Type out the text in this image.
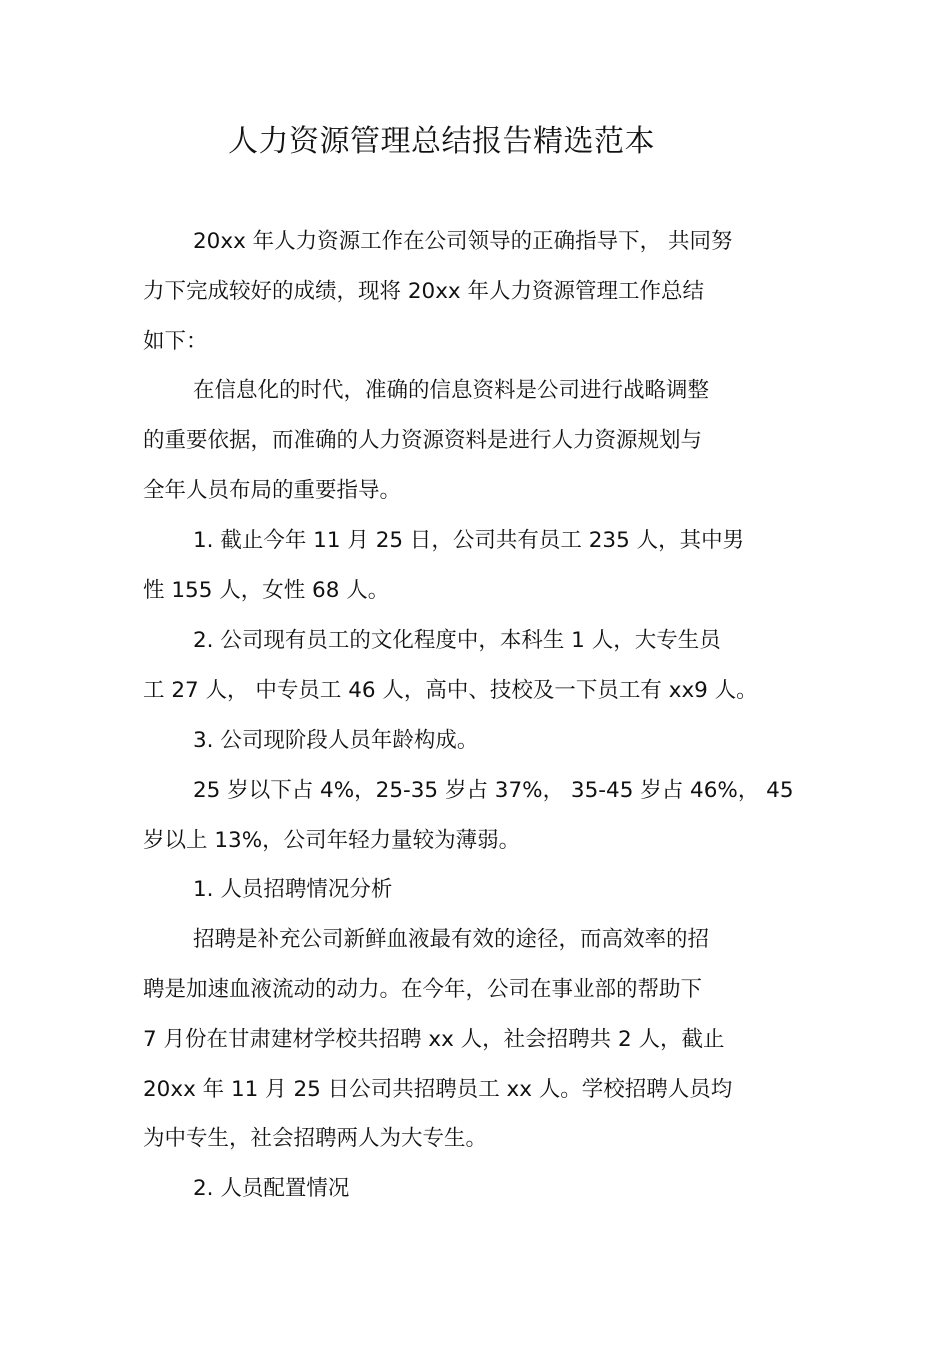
人力资源管理总结报告精选范本
20xx 年人力资源工作在公司领导的正确指导下， 共同努
力下完成较好的成绩，现将 20xx 年人力资源管理工作总结
如下：
在信息化的时代，准确的信息资料是公司进行战略调整
的重要依据，而准确的人力资源资料是进行人力资源规划与
全年人员布局的重要指导。
1. 截止今年 11 月 25 日，公司共有员工 235 人，其中男
性 155 人，女性 68 人。
2. 公司现有员工的文化程度中，本科生 1 人，大专生员
工 27 人， 中专员工 46 人，高中、技校及一下员工有 xx9 人。
3. 公司现阶段人员年龄构成。
25 岁以下占 4%，25-35 岁占 37%， 35-45 岁占 46%， 45
岁以上 13%，公司年轻力量较为薄弱。
1. 人员招聘情况分析
招聘是补充公司新鲜血液最有效的途径，而高效率的招
聘是加速血液流动的动力。在今年，公司在事业部的帮助下
7 月份在甘肃建材学校共招聘 xx 人，社会招聘共 2 人，截止
20xx 年 11 月 25 日公司共招聘员工 xx 人。学校招聘人员均
为中专生，社会招聘两人为大专生。
2. 人员配置情况
